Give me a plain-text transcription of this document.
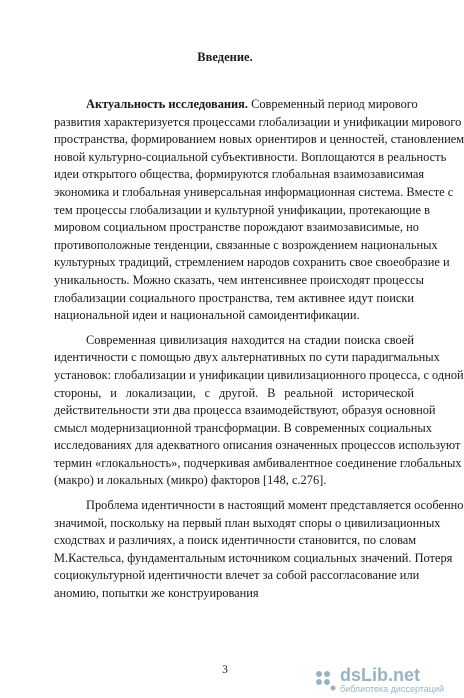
Введение.
Актуальность исследования. Современный период мирового
развития характеризуется процессами глобализации и унификации мирового
пространства, формированием новых ориентиров и ценностей, становлением
новой культурно-социальной субъективности. Воплощаются в реальность
идеи открытого общества, формируются глобальная взаимозависимая
экономика и глобальная универсальная информационная система. Вместе с
тем процессы глобализации и культурной унификации, протекающие в
мировом социальном пространстве порождают взаимозависимые, но
противоположные тенденции, связанные с возрождением национальных
культурных традиций, стремлением народов сохранить свое своеобразие и
уникальность. Можно сказать, чем интенсивнее происходят процессы
глобализации социального пространства, тем активнее идут поиски
национальной идеи и национальной самоидентификации.
Современная цивилизация находится на стадии поиска своей
идентичности с помощью двух альтернативных по сути парадигмальных
установок: глобализации и унификации цивилизационного процесса, с одной
стороны, и локализации, с другой. В реальной исторической
действительности эти два процесса взаимодействуют, образуя основной
смысл модернизационной трансформации. В современных социальных
исследованиях для адекватного описания означенных процессов используют
термин «глокальность», подчеркивая амбивалентное соединение глобальных
(макро) и локальных (микро) факторов [148, с.276].
Проблема идентичности в настоящий момент представляется особенно
значимой, поскольку на первый план выходят споры о цивилизационных
сходствах и различиях, а поиск идентичности становится, по словам
М.Кастельса, фундаментальным источником социальных значений. Потеря
социокультурной идентичности влечет за собой рассогласование или
аномию, попытки же конструирования
3	dsLib.net
библиотека диссертаций
